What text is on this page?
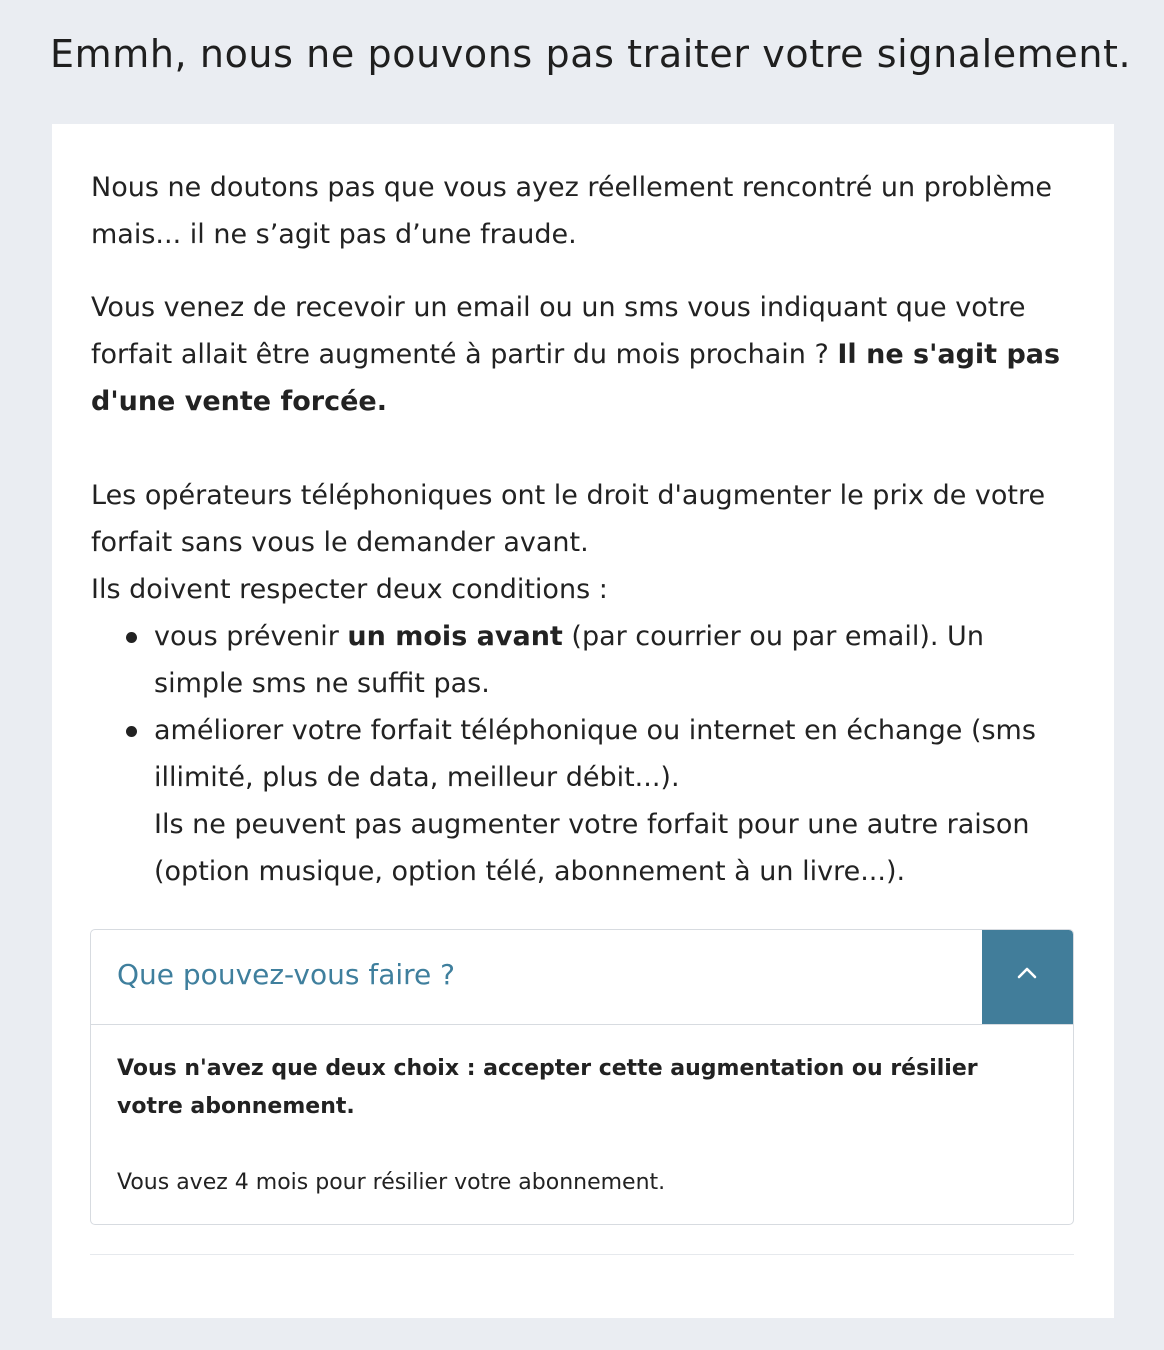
Emmh, nous ne pouvons pas traiter votre signalement.

Nous ne doutons pas que vous ayez réellement rencontré un problème mais... il ne s’agit pas d’une fraude.

Vous venez de recevoir un email ou un sms vous indiquant que votre forfait allait être augmenté à partir du mois prochain ? Il ne s'agit pas d'une vente forcée.

Les opérateurs téléphoniques ont le droit d'augmenter le prix de votre forfait sans vous le demander avant.

Ils doivent respecter deux conditions :

vous prévenir un mois avant (par courrier ou par email). Un simple sms ne suffit pas.
améliorer votre forfait téléphonique ou internet en échange (sms illimité, plus de data, meilleur débit...).
Ils ne peuvent pas augmenter votre forfait pour une autre raison (option musique, option télé, abonnement à un livre...).
Que pouvez-vous faire ?

Vous n'avez que deux choix : accepter cette augmentation ou résilier votre abonnement.

Vous avez 4 mois pour résilier votre abonnement.
